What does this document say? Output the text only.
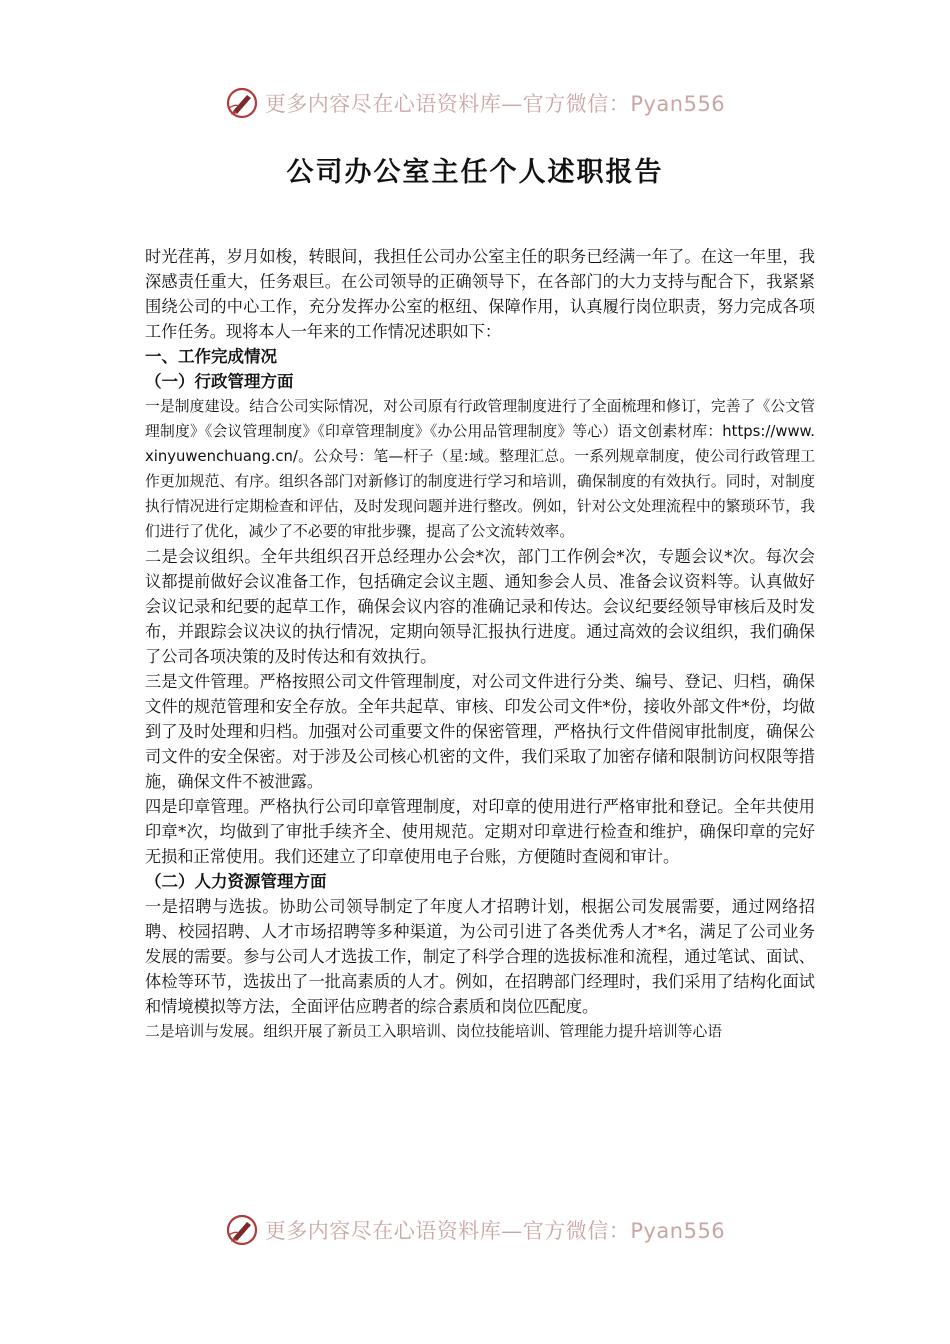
更多内容尽在心语资料库—官方微信：Pyan556
公司办公室主任个人述职报告

时光荏苒，岁月如梭，转眼间，我担任公司办公室主任的职务已经满一年了。在这一年里，我深感责任重大，任务艰巨。在公司领导的正确领导下，在各部门的大力支持与配合下，我紧紧围绕公司的中心工作，充分发挥办公室的枢纽、保障作用，认真履行岗位职责，努力完成各项工作任务。现将本人一年来的工作情况述职如下：

一、工作完成情况

（一）行政管理方面

一是制度建设。结合公司实际情况，对公司原有行政管理制度进行了全面梳理和修订，完善了《公文管理制度》《会议管理制度》《印章管理制度》《办公用品管理制度》等心）语文创素材库：https://www.xinyuwenchuang.cn/。公众号：笔—杆子（星:域。整理汇总。一系列规章制度，使公司行政管理工作更加规范、有序。组织各部门对新修订的制度进行学习和培训，确保制度的有效执行。同时，对制度执行情况进行定期检查和评估，及时发现问题并进行整改。例如，针对公文处理流程中的繁琐环节，我们进行了优化，减少了不必要的审批步骤，提高了公文流转效率。

二是会议组织。全年共组织召开总经理办公会*次，部门工作例会*次，专题会议*次。每次会议都提前做好会议准备工作，包括确定会议主题、通知参会人员、准备会议资料等。认真做好会议记录和纪要的起草工作，确保会议内容的准确记录和传达。会议纪要经领导审核后及时发布，并跟踪会议决议的执行情况，定期向领导汇报执行进度。通过高效的会议组织，我们确保了公司各项决策的及时传达和有效执行。

三是文件管理。严格按照公司文件管理制度，对公司文件进行分类、编号、登记、归档，确保文件的规范管理和安全存放。全年共起草、审核、印发公司文件*份，接收外部文件*份，均做到了及时处理和归档。加强对公司重要文件的保密管理，严格执行文件借阅审批制度，确保公司文件的安全保密。对于涉及公司核心机密的文件，我们采取了加密存储和限制访问权限等措施，确保文件不被泄露。

四是印章管理。严格执行公司印章管理制度，对印章的使用进行严格审批和登记。全年共使用印章*次，均做到了审批手续齐全、使用规范。定期对印章进行检查和维护，确保印章的完好无损和正常使用。我们还建立了印章使用电子台账，方便随时查阅和审计。

（二）人力资源管理方面

一是招聘与选拔。协助公司领导制定了年度人才招聘计划，根据公司发展需要，通过网络招聘、校园招聘、人才市场招聘等多种渠道，为公司引进了各类优秀人才*名，满足了公司业务发展的需要。参与公司人才选拔工作，制定了科学合理的选拔标准和流程，通过笔试、面试、体检等环节，选拔出了一批高素质的人才。例如，在招聘部门经理时，我们采用了结构化面试和情境模拟等方法，全面评估应聘者的综合素质和岗位匹配度。

二是培训与发展。组织开展了新员工入职培训、岗位技能培训、管理能力提升培训等心语

更多内容尽在心语资料库—官方微信：Pyan556
